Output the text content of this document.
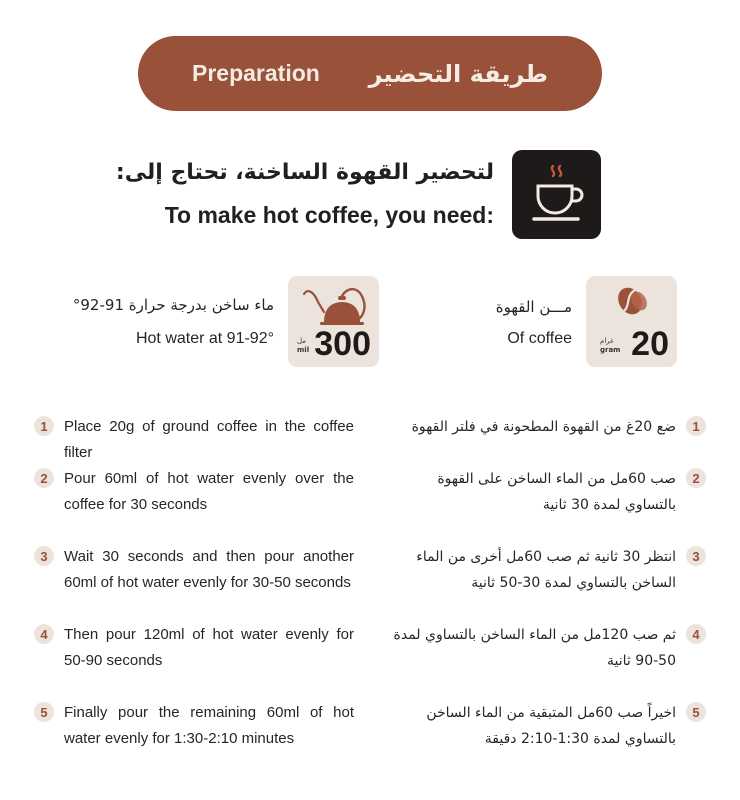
Preparation طريقة التحضير
لتحضير القهوة الساخنة، تحتاج إلى:
To make hot coffee, you need:
مل
mil 300
ماء ساخن بدرجة حرارة 91-92°
Hot water at 91-92°	غرام
gram 20
مـــن القهوة
Of coffee
1	Place 20g of ground coffee in the coffee filter
2	Pour 60ml of hot water evenly over the coffee for 30 seconds
3	Wait 30 seconds and then pour another 60ml of hot water evenly for 30-50 seconds
4	Then pour 120ml of hot water evenly for 50-90 seconds
5	Finally pour the remaining 60ml of hot water evenly for 1:30-2:10 minutes
1
ضع 20غ من القهوة المطحونة في فلتر القهوة
2
صب 60مل من الماء الساخن على القهوة بالتساوي لمدة 30 ثانية
3
انتظر 30 ثانية ثم صب 60مل أخرى من الماء الساخن بالتساوي لمدة 30-50 ثانية
4
ثم صب 120مل من الماء الساخن بالتساوي لمدة 50-90 ثانية
5
اخيراً صب 60مل المتبقية من الماء الساخن بالتساوي لمدة 1:30-2:10 دقيقة
